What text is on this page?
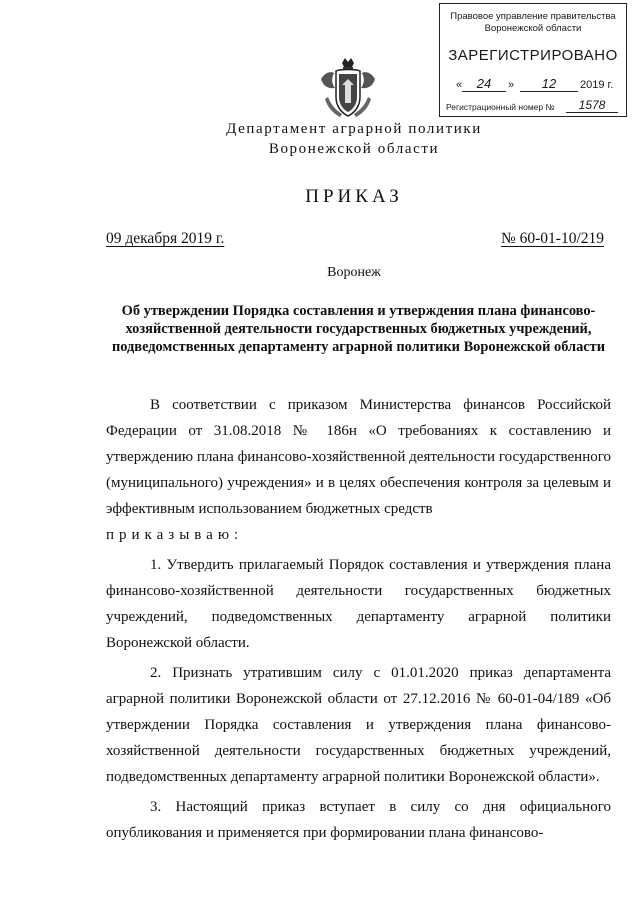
Правовое управление правительства
Воронежской области
ЗАРЕГИСТРИРОВАНО
«	24	»	12	2019 г.
Регистрационный номер №	1578
Департамент аграрной политики
Воронежской области
ПРИКАЗ
09 декабря 2019 г.	№ 60-01-10/219
Воронеж
Об утверждении Порядка составления и утверждения плана финансово-хозяйственной деятельности государственных бюджетных учреждений, подведомственных департаменту аграрной политики Воронежской области

В соответствии с приказом Министерства финансов Российской Федерации от 31.08.2018 № 186н «О требованиях к составлению и утверждению плана финансово-хозяйственной деятельности государственного (муниципального) учреждения» и в целях обеспечения контроля за целевым и эффективным использованием бюджетных средств

приказываю:

1. Утвердить прилагаемый Порядок составления и утверждения плана финансово-хозяйственной деятельности государственных бюджетных учреждений, подведомственных департаменту аграрной политики Воронежской области.

2. Признать утратившим силу с 01.01.2020 приказ департамента аграрной политики Воронежской области от 27.12.2016 № 60-01-04/189 «Об утверждении Порядка составления и утверждения плана финансово-хозяйственной деятельности государственных бюджетных учреждений, подведомственных департаменту аграрной политики Воронежской области».

3. Настоящий приказ вступает в силу со дня официального опубликования и применяется при формировании плана финансово-
